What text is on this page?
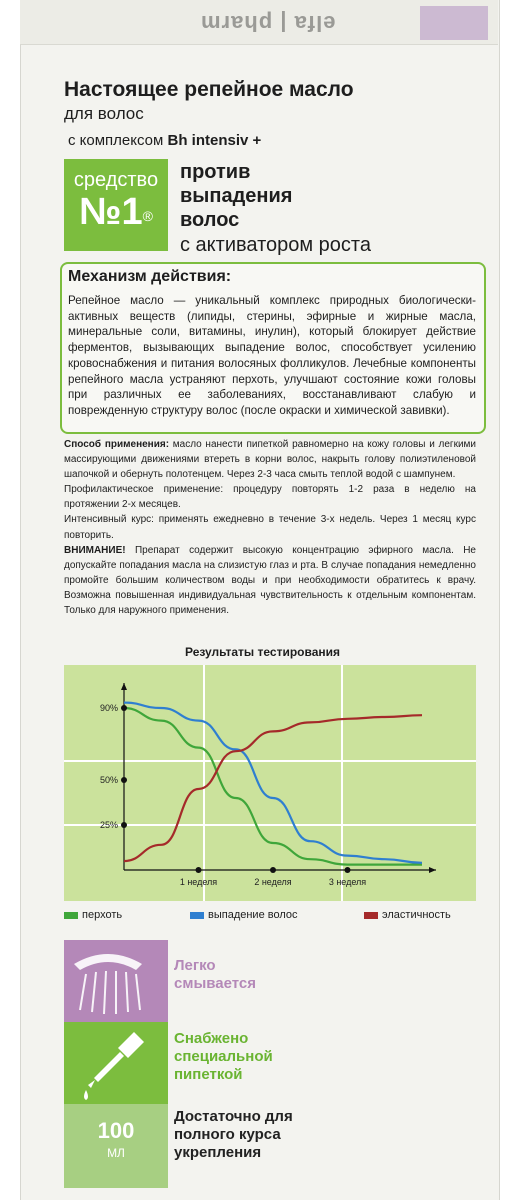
elfa | pharm
Настоящее репейное масло
для волос
с комплексом Bh intensiv +
средство
№1®
против
выпадения
волос
с активатором роста
Механизм действия:
Репейное масло — уникальный комплекс природных биологически-активных веществ (липиды, стерины, эфирные и жирные масла, минеральные соли, витамины, инулин), который блокирует действие ферментов, вызывающих выпадение волос, способствует усилению кровоснабжения и питания волосяных фолликулов. Лечебные компоненты репейного масла устраняют перхоть, улучшают состояние кожи головы при различных ее заболеваниях, восстанавливают слабую и поврежденную структуру волос (после окраски и химической завивки).

Способ применения: масло нанести пипеткой равномерно на кожу головы и легкими массирующими движениями втереть в корни волос, накрыть голову полиэтиленовой шапочкой и обернуть полотенцем. Через 2-3 часа смыть теплой водой с шампунем.

Профилактическое применение: процедуру повторять 1-2 раза в неделю на протяжении 2-х месяцев.

Интенсивный курс: применять ежедневно в течение 3-х недель. Через 1 месяц курс повторить.

ВНИМАНИЕ! Препарат содержит высокую концентрацию эфирного масла. Не допускайте попадания масла на слизистую глаз и рта. В случае попадания немедленно промойте большим количеством воды и при необходимости обратитесь к врачу. Возможна повышенная индивидуальная чувствительность к отдельным компонентам. Только для наружного применения.

Результаты тестирования
90%
50%
25%
1 неделя	2 неделя	3 неделя
перхоть	выпадение волос	эластичность
Легко смывается
Снабжено специальной пипеткой
100
МЛ
Достаточно для полного курса укрепления
